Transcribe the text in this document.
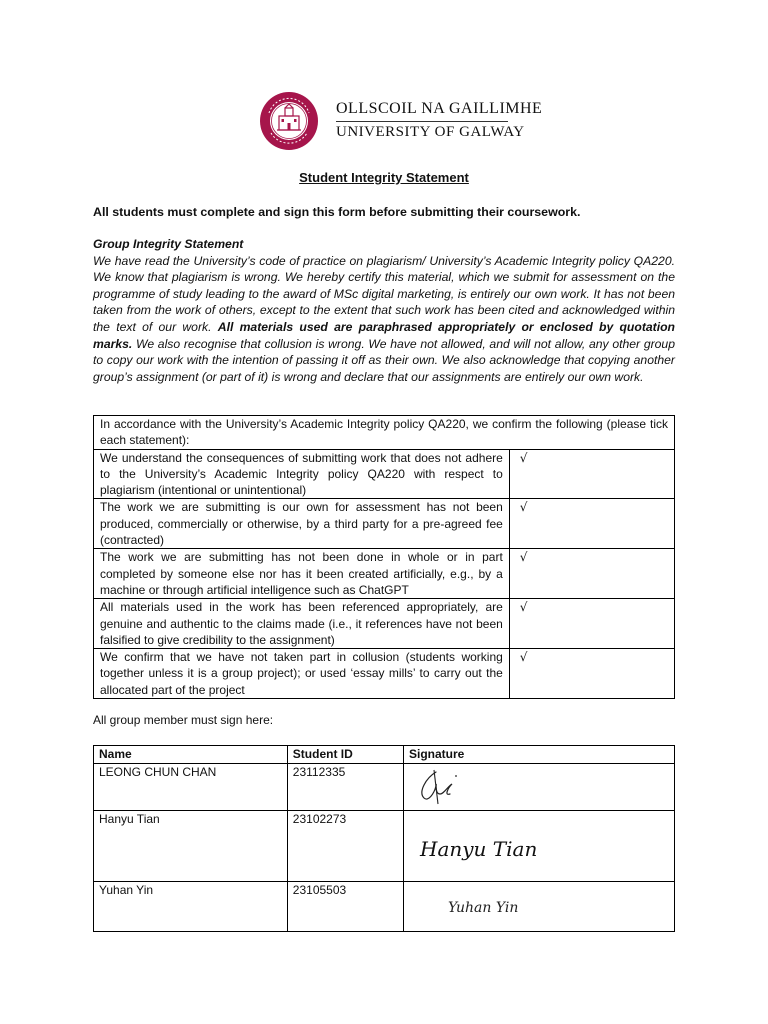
OLLSCOIL NA GAILLIMHE
UNIVERSITY OF GALWAY
Student Integrity Statement
All students must complete and sign this form before submitting their coursework.
Group Integrity Statement
We have read the University’s code of practice on plagiarism/ University’s Academic Integrity policy QA220. We know that plagiarism is wrong. We hereby certify this material, which we submit for assessment on the programme of study leading to the award of MSc digital marketing, is entirely our own work. It has not been taken from the work of others, except to the extent that such work has been cited and acknowledged within the text of our work. All materials used are paraphrased appropriately or enclosed by quotation marks. We also recognise that collusion is wrong. We have not allowed, and will not allow, any other group to copy our work with the intention of passing it off as their own. We also acknowledge that copying another group’s assignment (or part of it) is wrong and declare that our assignments are entirely our own work.
In accordance with the University’s Academic Integrity policy QA220, we confirm the following (please tick each statement):	
We understand the consequences of submitting work that does not adhere to the University’s Academic Integrity policy QA220 with respect to plagiarism (intentional or unintentional)	√
The work we are submitting is our own for assessment has not been produced, commercially or otherwise, by a third party for a pre-agreed fee (contracted)	√
The work we are submitting has not been done in whole or in part completed by someone else nor has it been created artificially, e.g., by a machine or through artificial intelligence such as ChatGPT	√
All materials used in the work has been referenced appropriately, are genuine and authentic to the claims made (i.e., it references have not been falsified to give credibility to the assignment)	√
We confirm that we have not taken part in collusion (students working together unless it is a group project); or used ‘essay mills’ to carry out the allocated part of the project	√
All group member must sign here:
Name	Student ID	Signature
LEONG CHUN CHAN	23112335	

Hanyu Tian	23102273	Hanyu Tian

Yuhan Yin	23105503	Yuhan Yin
